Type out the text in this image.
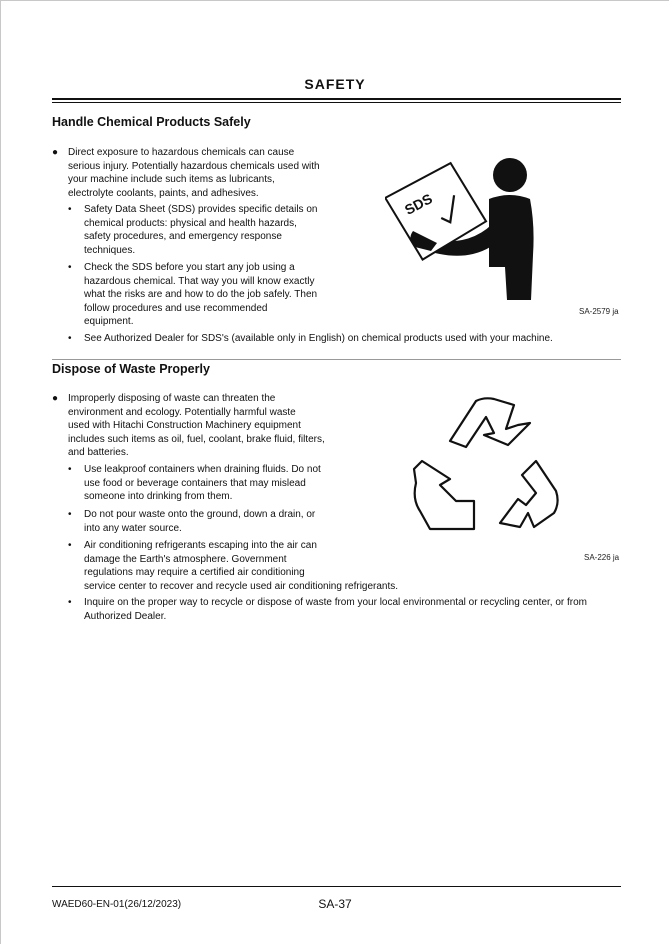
SAFETY
Handle Chemical Products Safely
● Direct exposure to hazardous chemicals can cause
serious injury. Potentially hazardous chemicals used with
your machine include such items as lubricants,
electrolyte coolants, paints, and adhesives.
• Safety Data Sheet (SDS) provides specific details on
chemical products: physical and health hazards,
safety procedures, and emergency response
techniques.
• Check the SDS before you start any job using a
hazardous chemical. That way you will know exactly
what the risks are and how to do the job safely. Then
follow procedures and use recommended
equipment.
• See Authorized Dealer for SDS's (available only in English) on chemical products used with your machine.
SDS
SA-2579 ja
Dispose of Waste Properly
● Improperly disposing of waste can threaten the
environment and ecology. Potentially harmful waste
used with Hitachi Construction Machinery equipment
includes such items as oil, fuel, coolant, brake fluid, filters,
and batteries.
• Use leakproof containers when draining fluids. Do not
use food or beverage containers that may mislead
someone into drinking from them.
• Do not pour waste onto the ground, down a drain, or
into any water source.
• Air conditioning refrigerants escaping into the air can
damage the Earth's atmosphere. Government
regulations may require a certified air conditioning
service center to recover and recycle used air conditioning refrigerants.
• Inquire on the proper way to recycle or dispose of waste from your local environmental or recycling center, or from
Authorized Dealer.
SA-226 ja
WAED60-EN-01(26/12/2023)	SA-37
